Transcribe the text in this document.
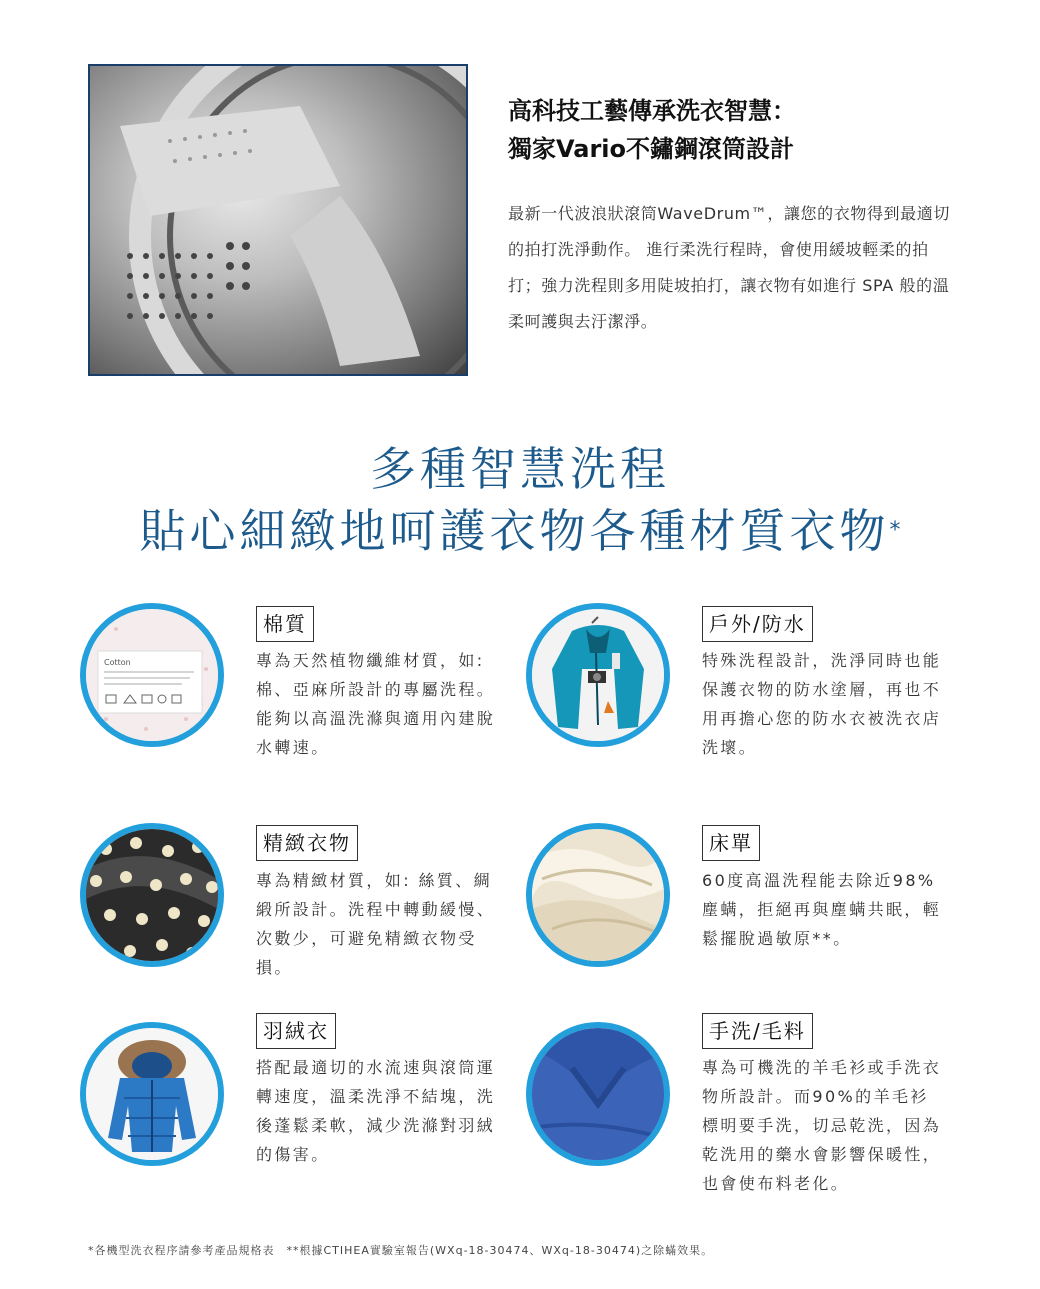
高科技工藝傳承洗衣智慧：
獨家Vario不鏽鋼滾筒設計
最新一代波浪狀滾筒WaveDrum™，讓您的衣物得到最適切的拍打洗淨動作。 進行柔洗行程時，會使用緩坡輕柔的拍打；強力洗程則多用陡坡拍打，讓衣物有如進行 SPA 般的溫柔呵護與去汙潔淨。
多種智慧洗程
貼心細緻地呵護衣物各種材質衣物*
Cotton
棉質
專為天然植物纖維材質，如:棉、亞麻所設計的專屬洗程。能夠以高溫洗滌與適用內建脫水轉速。
戶外/防水
特殊洗程設計，洗淨同時也能保護衣物的防水塗層，再也不用再擔心您的防水衣被洗衣店洗壞。
精緻衣物
專為精緻材質，如: 絲質、綢緞所設計。洗程中轉動緩慢、次數少，可避免精緻衣物受損。
床單
60度高溫洗程能去除近98%塵螨，拒絕再與塵螨共眠，輕鬆擺脫過敏原**。
羽絨衣
搭配最適切的水流速與滾筒運轉速度，溫柔洗淨不結塊，洗後蓬鬆柔軟，減少洗滌對羽絨的傷害。
手洗/毛料
專為可機洗的羊毛衫或手洗衣物所設計。而90%的羊毛衫標明要手洗，切忌乾洗，因為乾洗用的藥水會影響保暖性，也會使布料老化。
*各機型洗衣程序請參考產品規格表　**根據CTIHEA實驗室報告(WXq-18-30474、WXq-18-30474)之除蟎效果。
